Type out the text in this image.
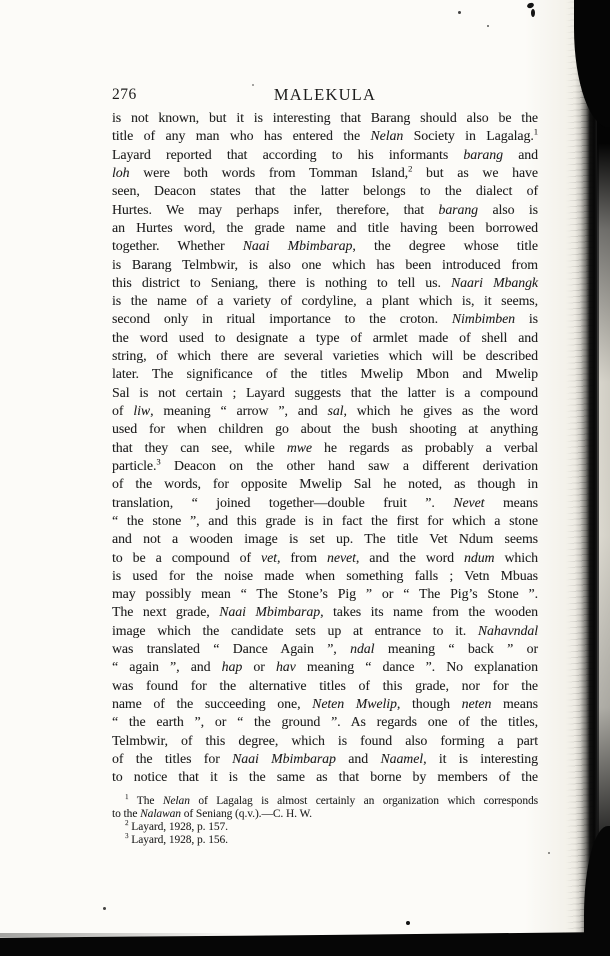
276	MALEKULA
is not known, but it is interesting that Barang should also be the
title of any man who has entered the Nelan Society in Lagalag.$^1$
Layard reported that according to his informants barang and
loh were both words from Tomman Island,$^2$ but as we have
seen, Deacon states that the latter belongs to the dialect of
Hurtes. We may perhaps infer, therefore, that barang also is
an Hurtes word, the grade name and title having been borrowed
together. Whether Naai Mbimbarap, the degree whose title
is Barang Telmbwir, is also one which has been introduced from
this district to Seniang, there is nothing to tell us. Naari Mbangk
is the name of a variety of cordyline, a plant which is, it seems,
second only in ritual importance to the croton. Nimbimben is
the word used to designate a type of armlet made of shell and
string, of which there are several varieties which will be described
later. The significance of the titles Mwelip Mbon and Mwelip
Sal is not certain ; Layard suggests that the latter is a compound
of liw, meaning “ arrow ”, and sal, which he gives as the word
used for when children go about the bush shooting at anything
that they can see, while mwe he regards as probably a verbal
particle.$^3$ Deacon on the other hand saw a different derivation
of the words, for opposite Mwelip Sal he noted, as though in
translation, “ joined together—double fruit ”. Nevet means
“ the stone ”, and this grade is in fact the first for which a stone
and not a wooden image is set up. The title Vet Ndum seems
to be a compound of vet, from nevet, and the word ndum which
is used for the noise made when something falls ; Vetn Mbuas
may possibly mean “ The Stone’s Pig ” or “ The Pig’s Stone ”.
The next grade, Naai Mbimbarap, takes its name from the wooden
image which the candidate sets up at entrance to it. Nahavndal
was translated “ Dance Again ”, ndal meaning “ back ” or
“ again ”, and hap or hav meaning “ dance ”. No explanation
was found for the alternative titles of this grade, nor for the
name of the succeeding one, Neten Mwelip, though neten means
“ the earth ”, or “ the ground ”. As regards one of the titles,
Telmbwir, of this degree, which is found also forming a part
of the titles for Naai Mbimbarap and Naamel, it is interesting
to notice that it is the same as that borne by members of the
$^1$ The Nelan of Lagalag is almost certainly an organization which corresponds
to the Nalawan of Seniang (q.v.).—C. H. W.
$^2$ Layard, 1928, p. 157.
$^3$ Layard, 1928, p. 156.
